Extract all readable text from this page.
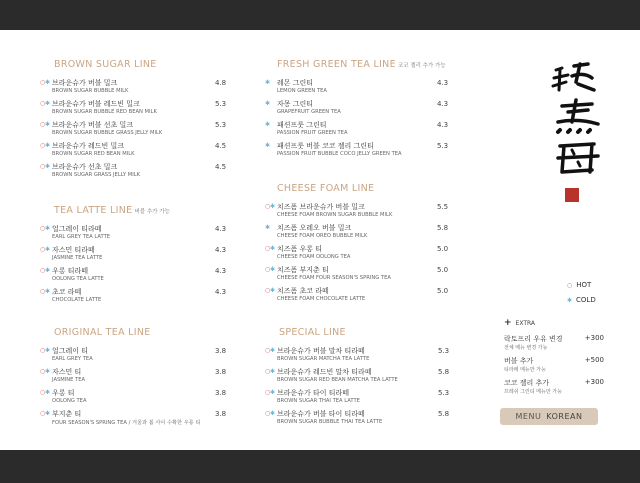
BROWN SUGAR LINE
○ ✱ 브라운슈가 버블 밀크
BROWN SUGAR BUBBLE MILK
4.8
○ ✱ 브라운슈가 버블 레드빈 밀크
BROWN SUGAR BUBBLE RED BEAN MILK
5.3
○ ✱ 브라운슈가 버블 선초 밀크
BROWN SUGAR BUBBLE GRASS JELLY MILK
5.3
○ ✱ 브라운슈가 레드빈 밀크
BROWN SUGAR RED BEAN MILK
4.5
○ ✱ 브라운슈가 선초 밀크
BROWN SUGAR GRASS JELLY MILK
4.5
TEA LATTE LINE 버블 추가 가능
○ ✱ 얼그레이 티라떼
EARL GREY TEA LATTE
4.3
○ ✱ 자스민 티라떼
JASMINE TEA LATTE
4.3
○ ✱ 우롱 티라떼
OOLONG TEA LATTE
4.3
○ ✱ 초코 라떼
CHOCOLATE LATTE
4.3
ORIGINAL TEA LINE
○ ✱ 얼그레이 티
EARL GREY TEA
3.8
○ ✱ 자스민 티
JASMINE TEA
3.8
○ ✱ 우롱 티
OOLONG TEA
3.8
○ ✱ 부지춘 티
FOUR SEASON'S SPRING TEA / 겨울과 봄 사이 수확한 우롱 티
3.8
FRESH GREEN TEA LINE 코코 젤리 추가 가능
✱ 레몬 그린티
LEMON GREEN TEA
4.3
✱ 자몽 그린티
GRAPEFRUIT GREEN TEA
4.3
✱ 패션프룻 그린티
PASSION FRUIT GREEN TEA
4.3
✱ 패션프룻 버블 코코 젤리 그린티
PASSION FRUIT BUBBLE COCO JELLY GREEN TEA
5.3
CHEESE FOAM LINE
○ ✱ 치즈폼 브라운슈가 버블 밀크
CHEESE FOAM BROWN SUGAR BUBBLE MILK
5.5
✱ 치즈폼 오레오 버블 밀크
CHEESE FOAM OREO BUBBLE MILK
5.8
○ ✱ 치즈폼 우롱 티
CHEESE FOAM OOLONG TEA
5.0
○ ✱ 치즈폼 부지춘 티
CHEESE FOAM FOUR SEASON'S SPRING TEA
5.0
○ ✱ 치즈폼 초코 라떼
CHEESE FOAM CHOCOLATE LATTE
5.0
SPECIAL LINE
○ ✱ 브라운슈가 버블 말차 티라떼
BROWN SUGAR MATCHA TEA LATTE
5.3
○ ✱ 브라운슈가 레드빈 말차 티라떼
BROWN SUGAR RED BEAN MATCHA TEA LATTE
5.8
○ ✱ 브라운슈가 타이 티라떼
BROWN SUGAR THAI TEA LATTE
5.3
○ ✱ 브라운슈가 버블 타이 티라떼
BROWN SUGAR BUBBLE THAI TEA LATTE
5.8
○ HOT
✱ COLD
+ EXTRA
락토프리 우유 변경
전체 메뉴 변경 가능
+300
버블 추가
티라떼 메뉴만 가능
+500
코코 젤리 추가
프레쉬 그린티 메뉴만 가능
+300
MENU KOREAN
